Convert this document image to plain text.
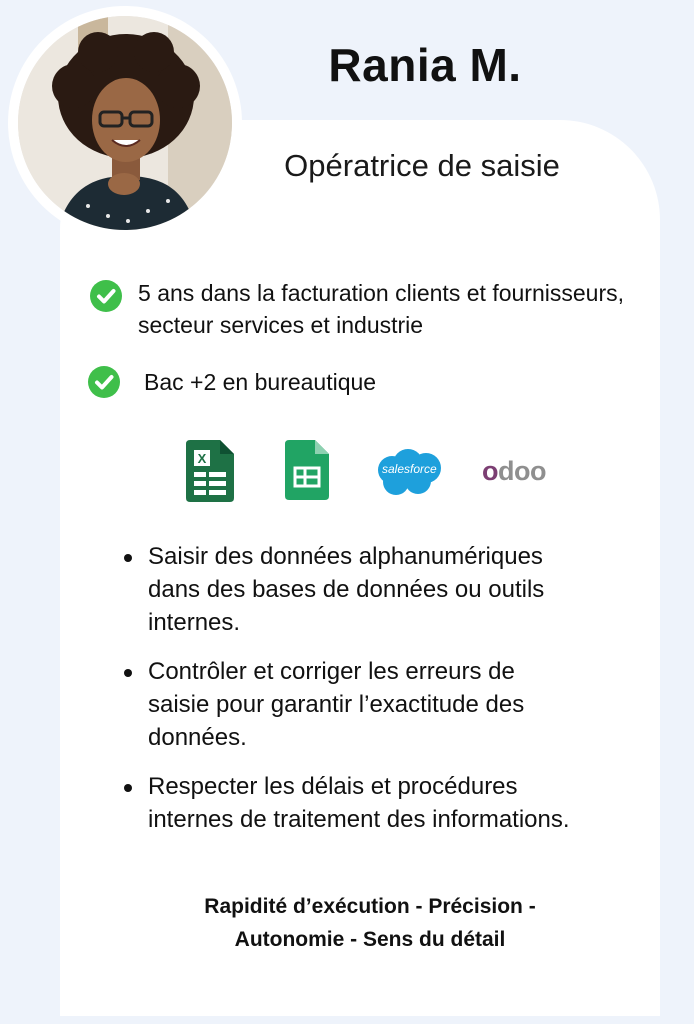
Rania M.
Opératrice de saisie
5 ans dans la facturation clients et fournisseurs, secteur services et industrie
Bac +2 en bureautique
X
salesforce odoo
Saisir des données alphanumériques dans des bases de données ou outils internes.
Contrôler et corriger les erreurs de saisie pour garantir l’exactitude des données.
Respecter les délais et procédures internes de traitement des informations.
Rapidité d’exécution - Précision -
Autonomie - Sens du détail
